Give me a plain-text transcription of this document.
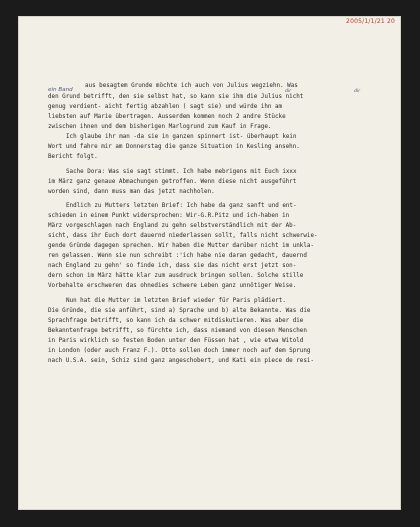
2005/1/1/21 20
ein Band	dir	dir

aus besagtem Grunde möchte ich auch von Julius wegziehn. Was

den Grund betrifft, den sie selbst hat, so kann sie ihm die Julius nicht

genug verdient- aicht fertig abzahlen ( sagt sie) und würde ihn am

liebsten auf Marie übertragen. Ausserdem kommen noch 2 andre Stücke

zwischen ihnen und dem bisherigen Marlogrund zum Kauf in Frage.

Ich glaube ihr man -da sie in ganzen spinnert ist- überhaupt kein

Wort und fahre mir am Donnerstag die ganze Situation in Kesling ansehn.

Bericht folgt.

Sache Dora: Was sie sagt stimmt. Ich habe mebrigens mit Euch ixxx

im März ganz genaue Abmachungen getroffen. Wenn diese nicht ausgeführt

worden sind, dann muss man das jetzt nachholen.

Endlich zu Mutters letzten Brief: Ich habe da ganz sanft und ent-

schieden in einem Punkt widersprochen: Wir-G.R.Pitz und ich-haben in

März vorgeschlagen nach England zu gehn selbstverständlich mit der Ab-

sicht, dass ihr Euch dort dauernd niederlassen sollt, falls nicht schwerwie-

gende Gründe dagegen sprechen. Wir haben die Mutter darüber nicht im unkla-

ren gelassen. Wenn sie nun schreibt :'ich habe nie daran gedacht, dauernd

nach England zu gehn' so finde ich, dass sie das nicht erst jetzt son-

dern schon im März hätte klar zum ausdruck bringen sollen. Solche stille

Vorbehalte erschweren das ohnedies schwere Leben ganz unnötiger Weise.

Nun hat die Mutter im letzten Brief wieder für Paris plädiert.

Die Gründe, die sie anführt, sind a) Sprache und b) alte Bekannte. Was die

Sprachfrage betrifft, so kann ich da schwer mitdiskutieren. Was aber die

Bekanntenfrage betrifft, so fürchte ich, dass niemand von diesen Menschen

in Paris wirklich so festen Boden unter den Füssen hat , wie etwa Witold

in London (oder auch Franz F.). Otto sollen doch immer noch auf dem Sprung

nach U.S.A. sein, Schiz sind ganz angeschobert, und Kati ein piece de resi-
